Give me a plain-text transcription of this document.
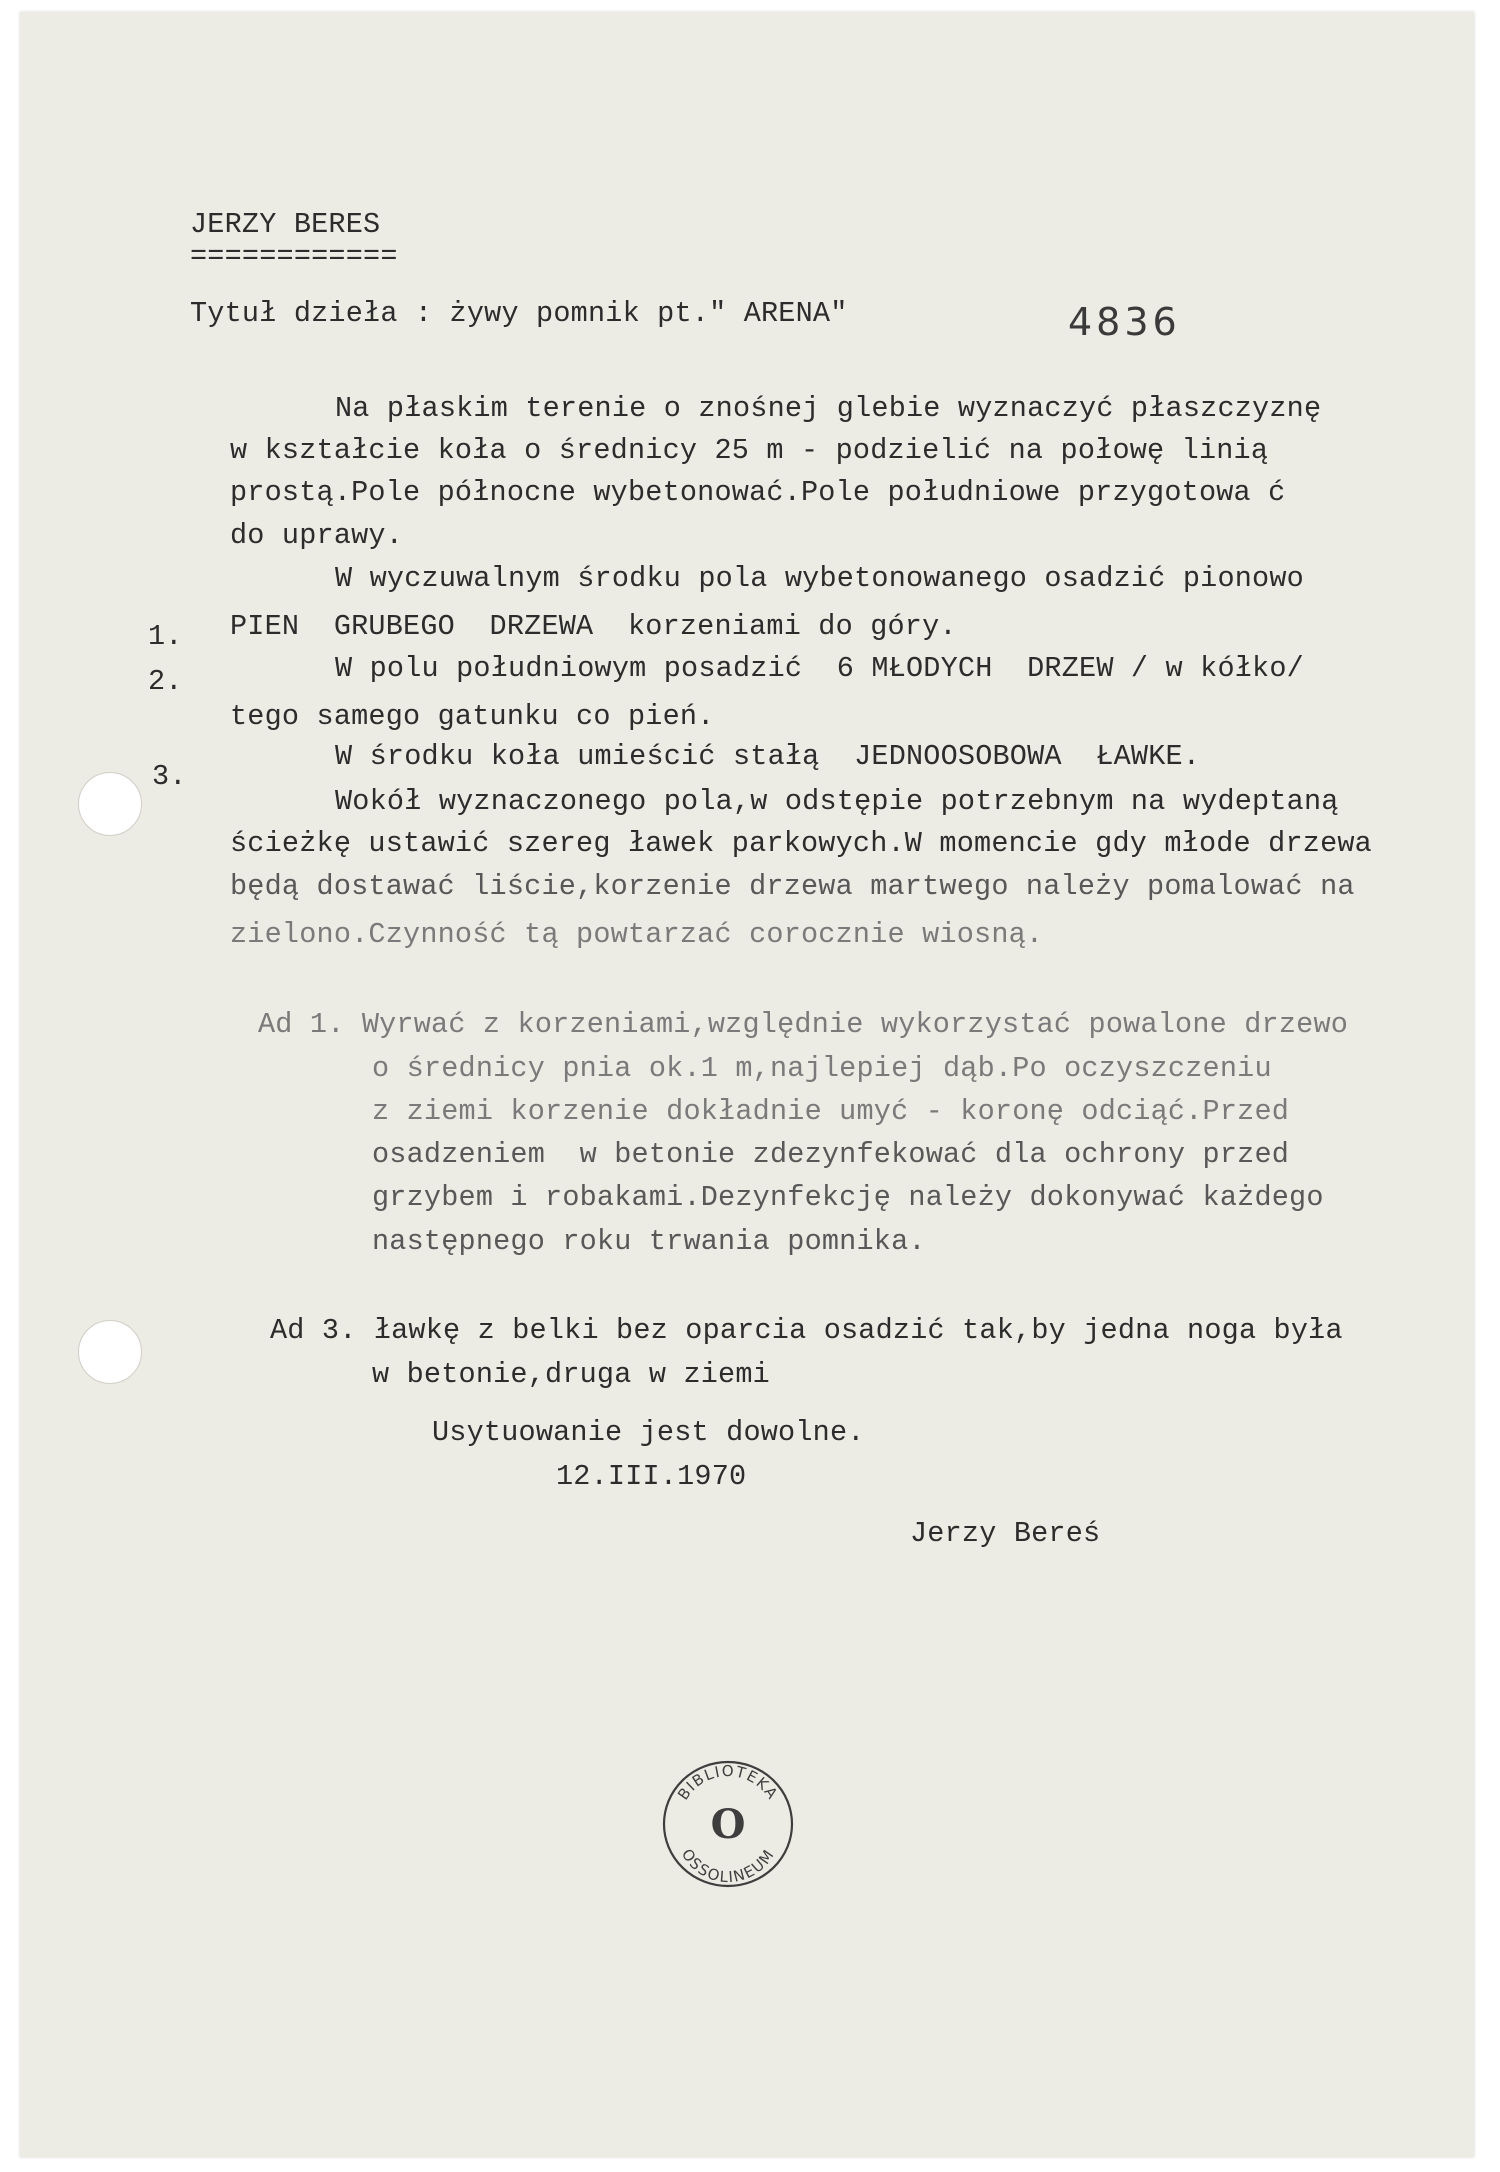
JERZY BERES
============
Tytuł dzieła : żywy pomnik pt." ARENA"	4836
Na płaskim terenie o znośnej glebie wyznaczyć płaszczyznę
w kształcie koła o średnicy 25 m - podzielić na połowę linią
prostą.Pole północne wybetonować.Pole południowe przygotowa ć
do uprawy.
W wyczuwalnym środku pola wybetonowanego osadzić pionowo
1. PIEN  GRUBEGO  DRZEWA  korzeniami do góry.
2.	W polu południowym posadzić  6 MŁODYCH  DRZEW / w kółko/
tego samego gatunku co pień.
3.
W środku koła umieścić stałą  JEDNOOSOBOWA  ŁAWKE.
Wokół wyznaczonego pola,w odstępie potrzebnym na wydeptaną
ścieżkę ustawić szereg ławek parkowych.W momencie gdy młode drzewa
będą dostawać liście,korzenie drzewa martwego należy pomalować na
zielono.Czynność tą powtarzać corocznie wiosną.
Ad 1. Wyrwać z korzeniami,względnie wykorzystać powalone drzewo
o średnicy pnia ok.1 m,najlepiej dąb.Po oczyszczeniu
z ziemi korzenie dokładnie umyć - koronę odciąć.Przed
osadzeniem  w betonie zdezynfekować dla ochrony przed
grzybem i robakami.Dezynfekcję należy dokonywać każdego
następnego roku trwania pomnika.
Ad 3. ławkę z belki bez oparcia osadzić tak,by jedna noga była
w betonie,druga w ziemi
Usytuowanie jest dowolne.
12.III.1970
Jerzy Bereś
BIBLIOTEKA
OSSOLINEUM
O
